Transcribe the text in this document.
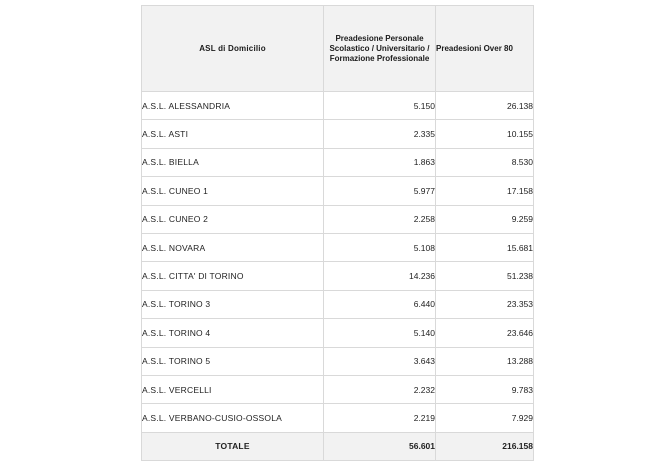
ASL di Domicilio	Preadesione Personale Scolastico / Universitario / Formazione Professionale	Preadesioni Over 80

A.S.L. ALESSANDRIA	5.150	26.138
A.S.L. ASTI	2.335	10.155
A.S.L. BIELLA	1.863	8.530
A.S.L. CUNEO 1	5.977	17.158
A.S.L. CUNEO 2	2.258	9.259
A.S.L. NOVARA	5.108	15.681
A.S.L. CITTA' DI TORINO	14.236	51.238
A.S.L. TORINO 3	6.440	23.353
A.S.L. TORINO 4	5.140	23.646
A.S.L. TORINO 5	3.643	13.288
A.S.L. VERCELLI	2.232	9.783
A.S.L. VERBANO-CUSIO-OSSOLA	2.219	7.929
TOTALE	56.601	216.158
